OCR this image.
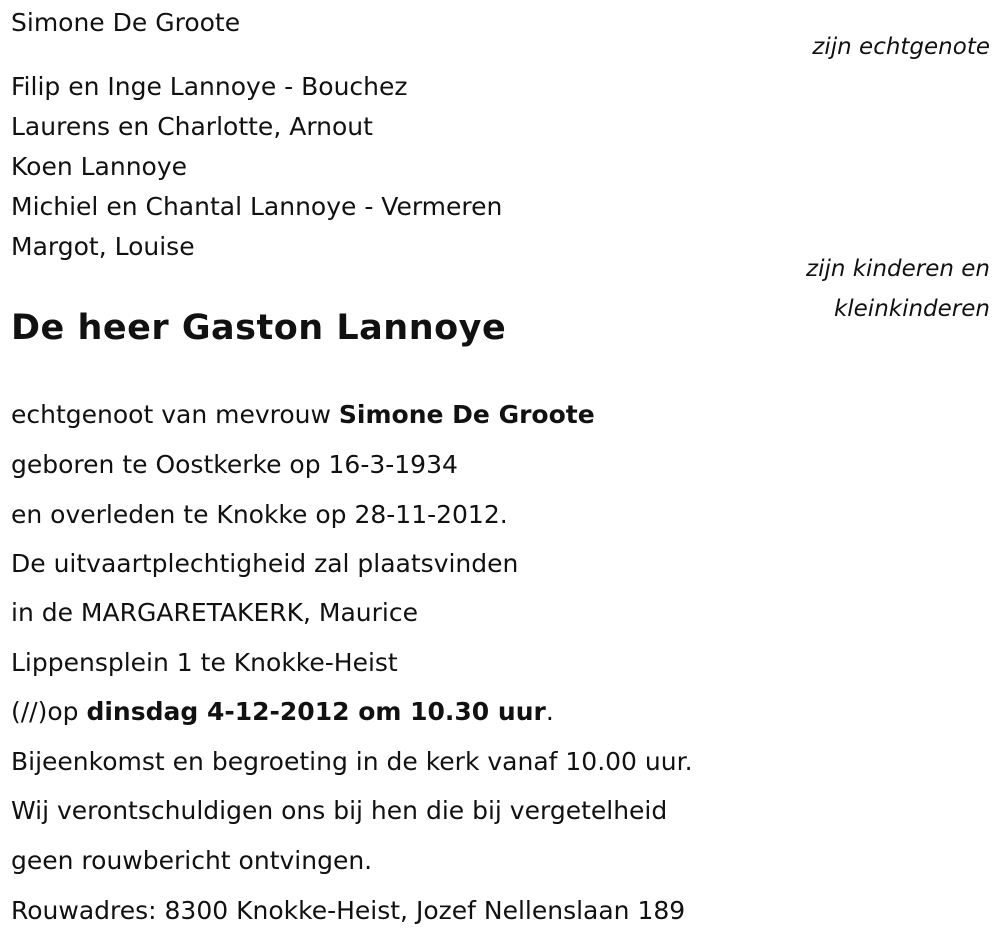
Simone De Groote
zijn echtgenote
Filip en Inge Lannoye - Bouchez
Laurens en Charlotte, Arnout
Koen Lannoye
Michiel en Chantal Lannoye - Vermeren
Margot, Louise
zijn kinderen en
kleinkinderen
De heer Gaston Lannoye
echtgenoot van mevrouw Simone De Groote
geboren te Oostkerke op 16-3-1934
en overleden te Knokke op 28-11-2012.
De uitvaartplechtigheid zal plaatsvinden
in de MARGARETAKERK, Maurice
Lippensplein 1 te Knokke-Heist
(//)op dinsdag 4-12-2012 om 10.30 uur.
Bijeenkomst en begroeting in de kerk vanaf 10.00 uur.
Wij verontschuldigen ons bij hen die bij vergetelheid
geen rouwbericht ontvingen.
Rouwadres: 8300 Knokke-Heist, Jozef Nellenslaan 189
